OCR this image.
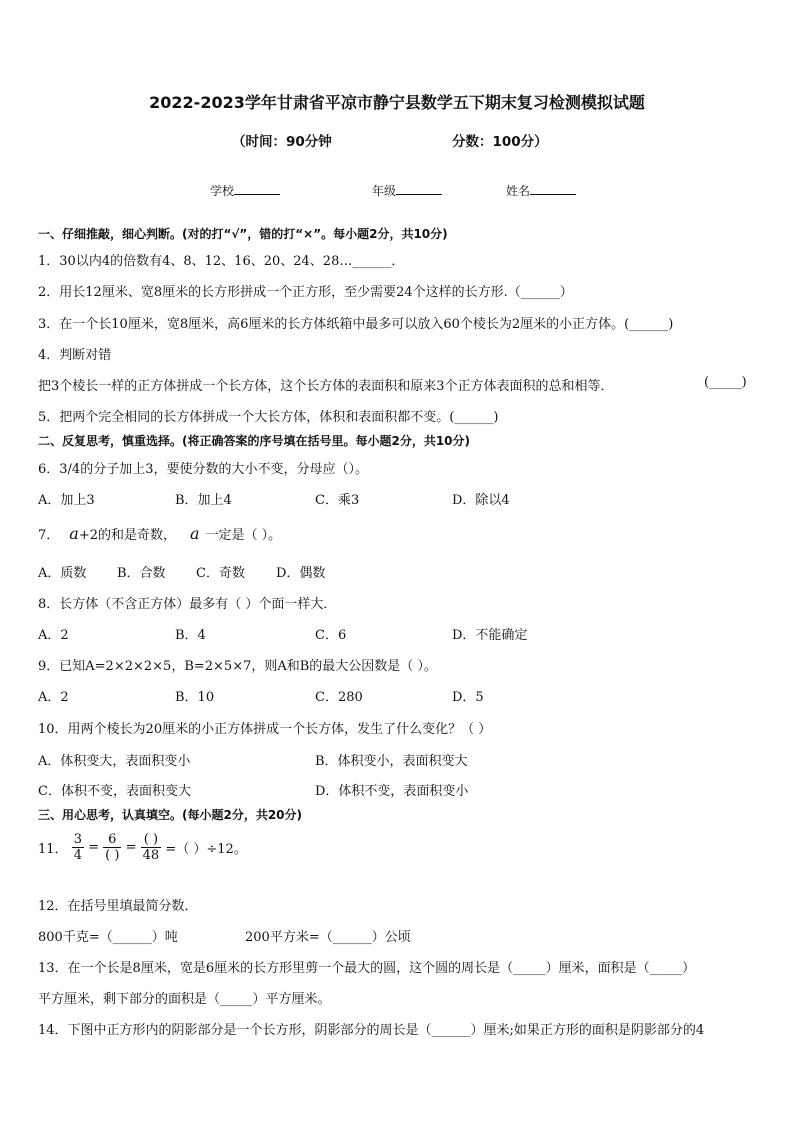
2022-2023学年甘肃省平凉市静宁县数学五下期末复习检测模拟试题
（时间：90分钟	分数：100分）
学校	年级	姓名
一、仔细推敲，细心判断。(对的打“√”，错的打“×”。每小题2分，共10分)
1．30以内4的倍数有4、8、12、16、20、24、28…______．
2．用长12厘米、宽8厘米的长方形拼成一个正方形，至少需要24个这样的长方形.（______）
3．在一个长10厘米，宽8厘米，高6厘米的长方体纸箱中最多可以放入60个棱长为2厘米的小正方体。(______)
4．判断对错
把3个棱长一样的正方体拼成一个长方体，这个长方体的表面积和原来3个正方体表面积的总和相等．	(_____)
5．把两个完全相同的长方体拼成一个大长方体，体积和表面积都不变。(______)
二、反复思考，慎重选择。(将正确答案的序号填在括号里。每小题2分，共10分)
6．3/4的分子加上3，要使分数的大小不变，分母应（）。
A．加上3	B．加上4	C．乘3	D．除以4
7． a+2的和是奇数， a 一定是（ ）。
A．质数 B．合数 C．奇数 D．偶数
8．长方体（不含正方体）最多有（ ）个面一样大．
A．2	B．4	C．6	D．不能确定
9．已知A=2×2×2×5，B=2×5×7，则A和B的最大公因数是（ ）。
A．2	B．10	C．280	D．5
10．用两个棱长为20厘米的小正方体拼成一个长方体，发生了什么变化？（ ）
A．体积变大，表面积变小	B．体积变小，表面积变大
C．体积不变，表面积变大	D．体积不变，表面积变小
三、用心思考，认真填空。(每小题2分，共20分)
11． $\frac{3}{4} = \frac{6}{( )} = \frac{( )}{48}$ =（ ）÷12。
12．在括号里填最简分数．
800千克=（______）吨	200平方米=（______）公顷
13．在一个长是8厘米，宽是6厘米的长方形里剪一个最大的圆，这个圆的周长是（_____）厘米，面积是（_____）
平方厘米，剩下部分的面积是（_____）平方厘米。
14．下图中正方形内的阴影部分是一个长方形，阴影部分的周长是（______）厘米;如果正方形的面积是阴影部分的4
